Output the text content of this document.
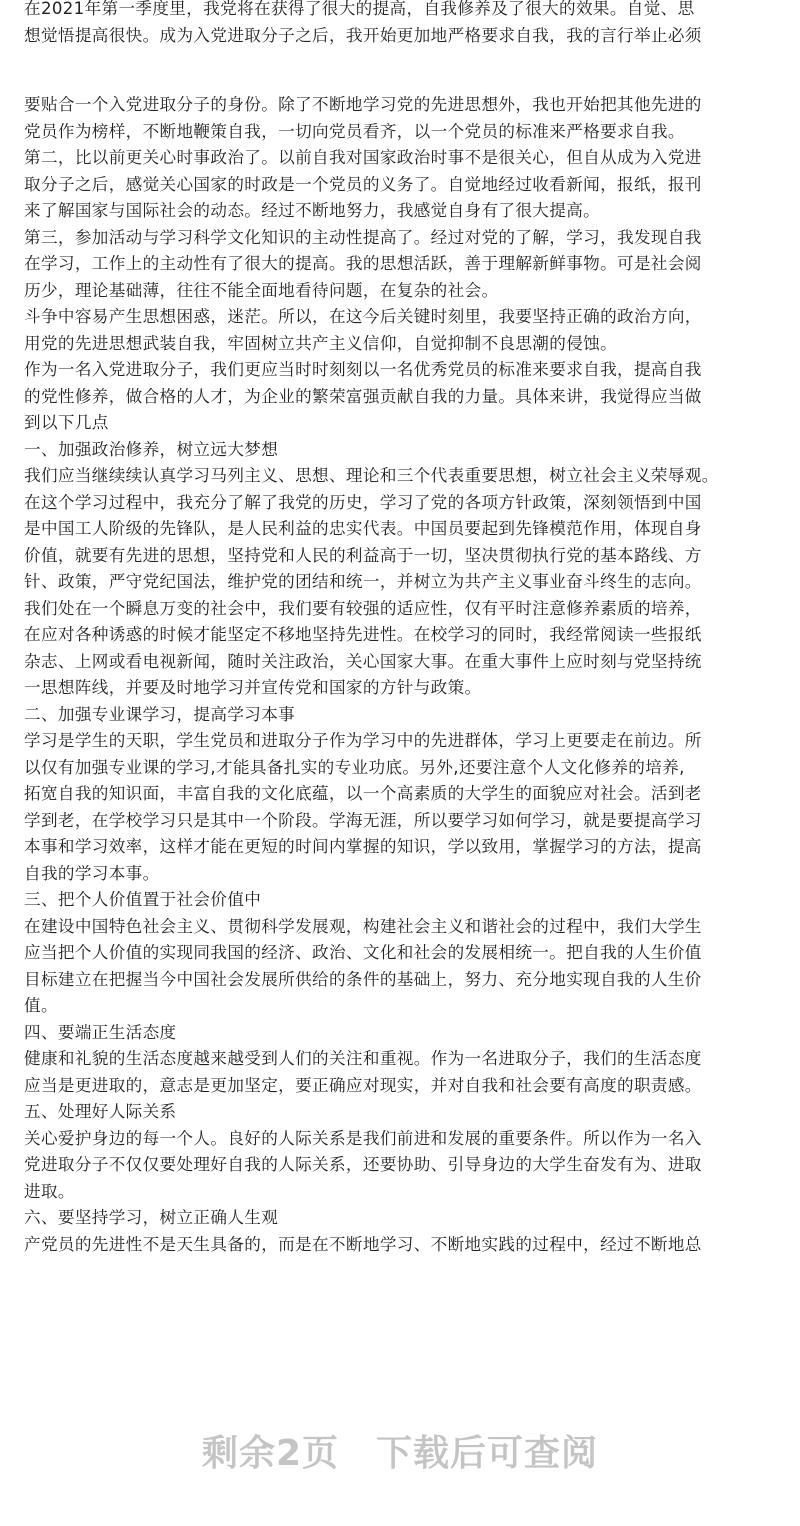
在2021年第一季度里，我党将在获得了很大的提高，自我修养及了很大的效果。自觉、思
想觉悟提高很快。成为入党进取分子之后，我开始更加地严格要求自我，我的言行举止必须
要贴合一个入党进取分子的身份。除了不断地学习党的先进思想外，我也开始把其他先进的
党员作为榜样，不断地鞭策自我，一切向党员看齐，以一个党员的标准来严格要求自我。
第二，比以前更关心时事政治了。以前自我对国家政治时事不是很关心，但自从成为入党进
取分子之后，感觉关心国家的时政是一个党员的义务了。自觉地经过收看新闻，报纸，报刊
来了解国家与国际社会的动态。经过不断地努力，我感觉自身有了很大提高。
第三，参加活动与学习科学文化知识的主动性提高了。经过对党的了解，学习，我发现自我
在学习，工作上的主动性有了很大的提高。我的思想活跃，善于理解新鲜事物。可是社会阅
历少，理论基础薄，往往不能全面地看待问题，在复杂的社会。
斗争中容易产生思想困惑，迷茫。所以，在这今后关键时刻里，我要坚持正确的政治方向，
用党的先进思想武装自我，牢固树立共产主义信仰，自觉抑制不良思潮的侵蚀。
作为一名入党进取分子，我们更应当时时刻刻以一名优秀党员的标准来要求自我，提高自我
的党性修养，做合格的人才，为企业的繁荣富强贡献自我的力量。具体来讲，我觉得应当做
到以下几点
一、加强政治修养，树立远大梦想
我们应当继续续认真学习马列主义、思想、理论和三个代表重要思想，树立社会主义荣辱观。
在这个学习过程中，我充分了解了我党的历史，学习了党的各项方针政策，深刻领悟到中国
是中国工人阶级的先锋队，是人民利益的忠实代表。中国员要起到先锋模范作用，体现自身
价值，就要有先进的思想，坚持党和人民的利益高于一切，坚决贯彻执行党的基本路线、方
针、政策，严守党纪国法，维护党的团结和统一，并树立为共产主义事业奋斗终生的志向。
我们处在一个瞬息万变的社会中，我们要有较强的适应性，仅有平时注意修养素质的培养，
在应对各种诱惑的时候才能坚定不移地坚持先进性。在校学习的同时，我经常阅读一些报纸
杂志、上网或看电视新闻，随时关注政治，关心国家大事。在重大事件上应时刻与党坚持统
一思想阵线，并要及时地学习并宣传党和国家的方针与政策。
二、加强专业课学习，提高学习本事
学习是学生的天职，学生党员和进取分子作为学习中的先进群体，学习上更要走在前边。所
以仅有加强专业课的学习,才能具备扎实的专业功底。另外,还要注意个人文化修养的培养,
拓宽自我的知识面，丰富自我的文化底蕴，以一个高素质的大学生的面貌应对社会。活到老
学到老，在学校学习只是其中一个阶段。学海无涯，所以要学习如何学习，就是要提高学习
本事和学习效率，这样才能在更短的时间内掌握的知识，学以致用，掌握学习的方法，提高
自我的学习本事。
三、把个人价值置于社会价值中
在建设中国特色社会主义、贯彻科学发展观，构建社会主义和谐社会的过程中，我们大学生
应当把个人价值的实现同我国的经济、政治、文化和社会的发展相统一。把自我的人生价值
目标建立在把握当今中国社会发展所供给的条件的基础上，努力、充分地实现自我的人生价
值。
四、要端正生活态度
健康和礼貌的生活态度越来越受到人们的关注和重视。作为一名进取分子，我们的生活态度
应当是更进取的，意志是更加坚定，要正确应对现实，并对自我和社会要有高度的职责感。
五、处理好人际关系
关心爱护身边的每一个人。良好的人际关系是我们前进和发展的重要条件。所以作为一名入
党进取分子不仅仅要处理好自我的人际关系，还要协助、引导身边的大学生奋发有为、进取
进取。
六、要坚持学习，树立正确人生观
产党员的先进性不是天生具备的，而是在不断地学习、不断地实践的过程中，经过不断地总
剩余2页　下载后可查阅
